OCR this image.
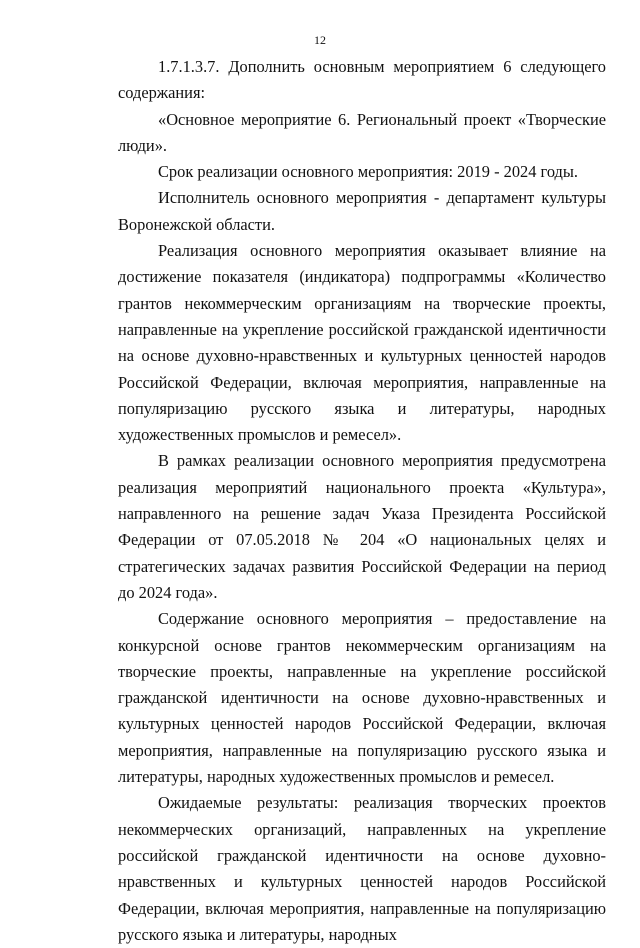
12

1.7.1.3.7. Дополнить основным мероприятием 6 следующего содержания:

«Основное мероприятие 6. Региональный проект «Творческие люди».

Срок реализации основного мероприятия: 2019 - 2024 годы.

Исполнитель основного мероприятия - департамент культуры Воронежской области.

Реализация основного мероприятия оказывает влияние на достижение показателя (индикатора) подпрограммы «Количество грантов некоммерческим организациям на творческие проекты, направленные на укрепление российской гражданской идентичности на основе духовно-нравственных и культурных ценностей народов Российской Федерации, включая мероприятия, направленные на популяризацию русского языка и литературы, народных художественных промыслов и ремесел».

В рамках реализации основного мероприятия предусмотрена реализация мероприятий национального проекта «Культура», направленного на решение задач Указа Президента Российской Федерации от 07.05.2018 № 204 «О национальных целях и стратегических задачах развития Российской Федерации на период до 2024 года».

Содержание основного мероприятия – предоставление на конкурсной основе грантов некоммерческим организациям на творческие проекты, направленные на укрепление российской гражданской идентичности на основе духовно-нравственных и культурных ценностей народов Российской Федерации, включая мероприятия, направленные на популяризацию русского языка и литературы, народных художественных промыслов и ремесел.

Ожидаемые результаты: реализация творческих проектов некоммерческих организаций, направленных на укрепление российской гражданской идентичности на основе духовно-нравственных и культурных ценностей народов Российской Федерации, включая мероприятия, направленные на популяризацию русского языка и литературы, народных
